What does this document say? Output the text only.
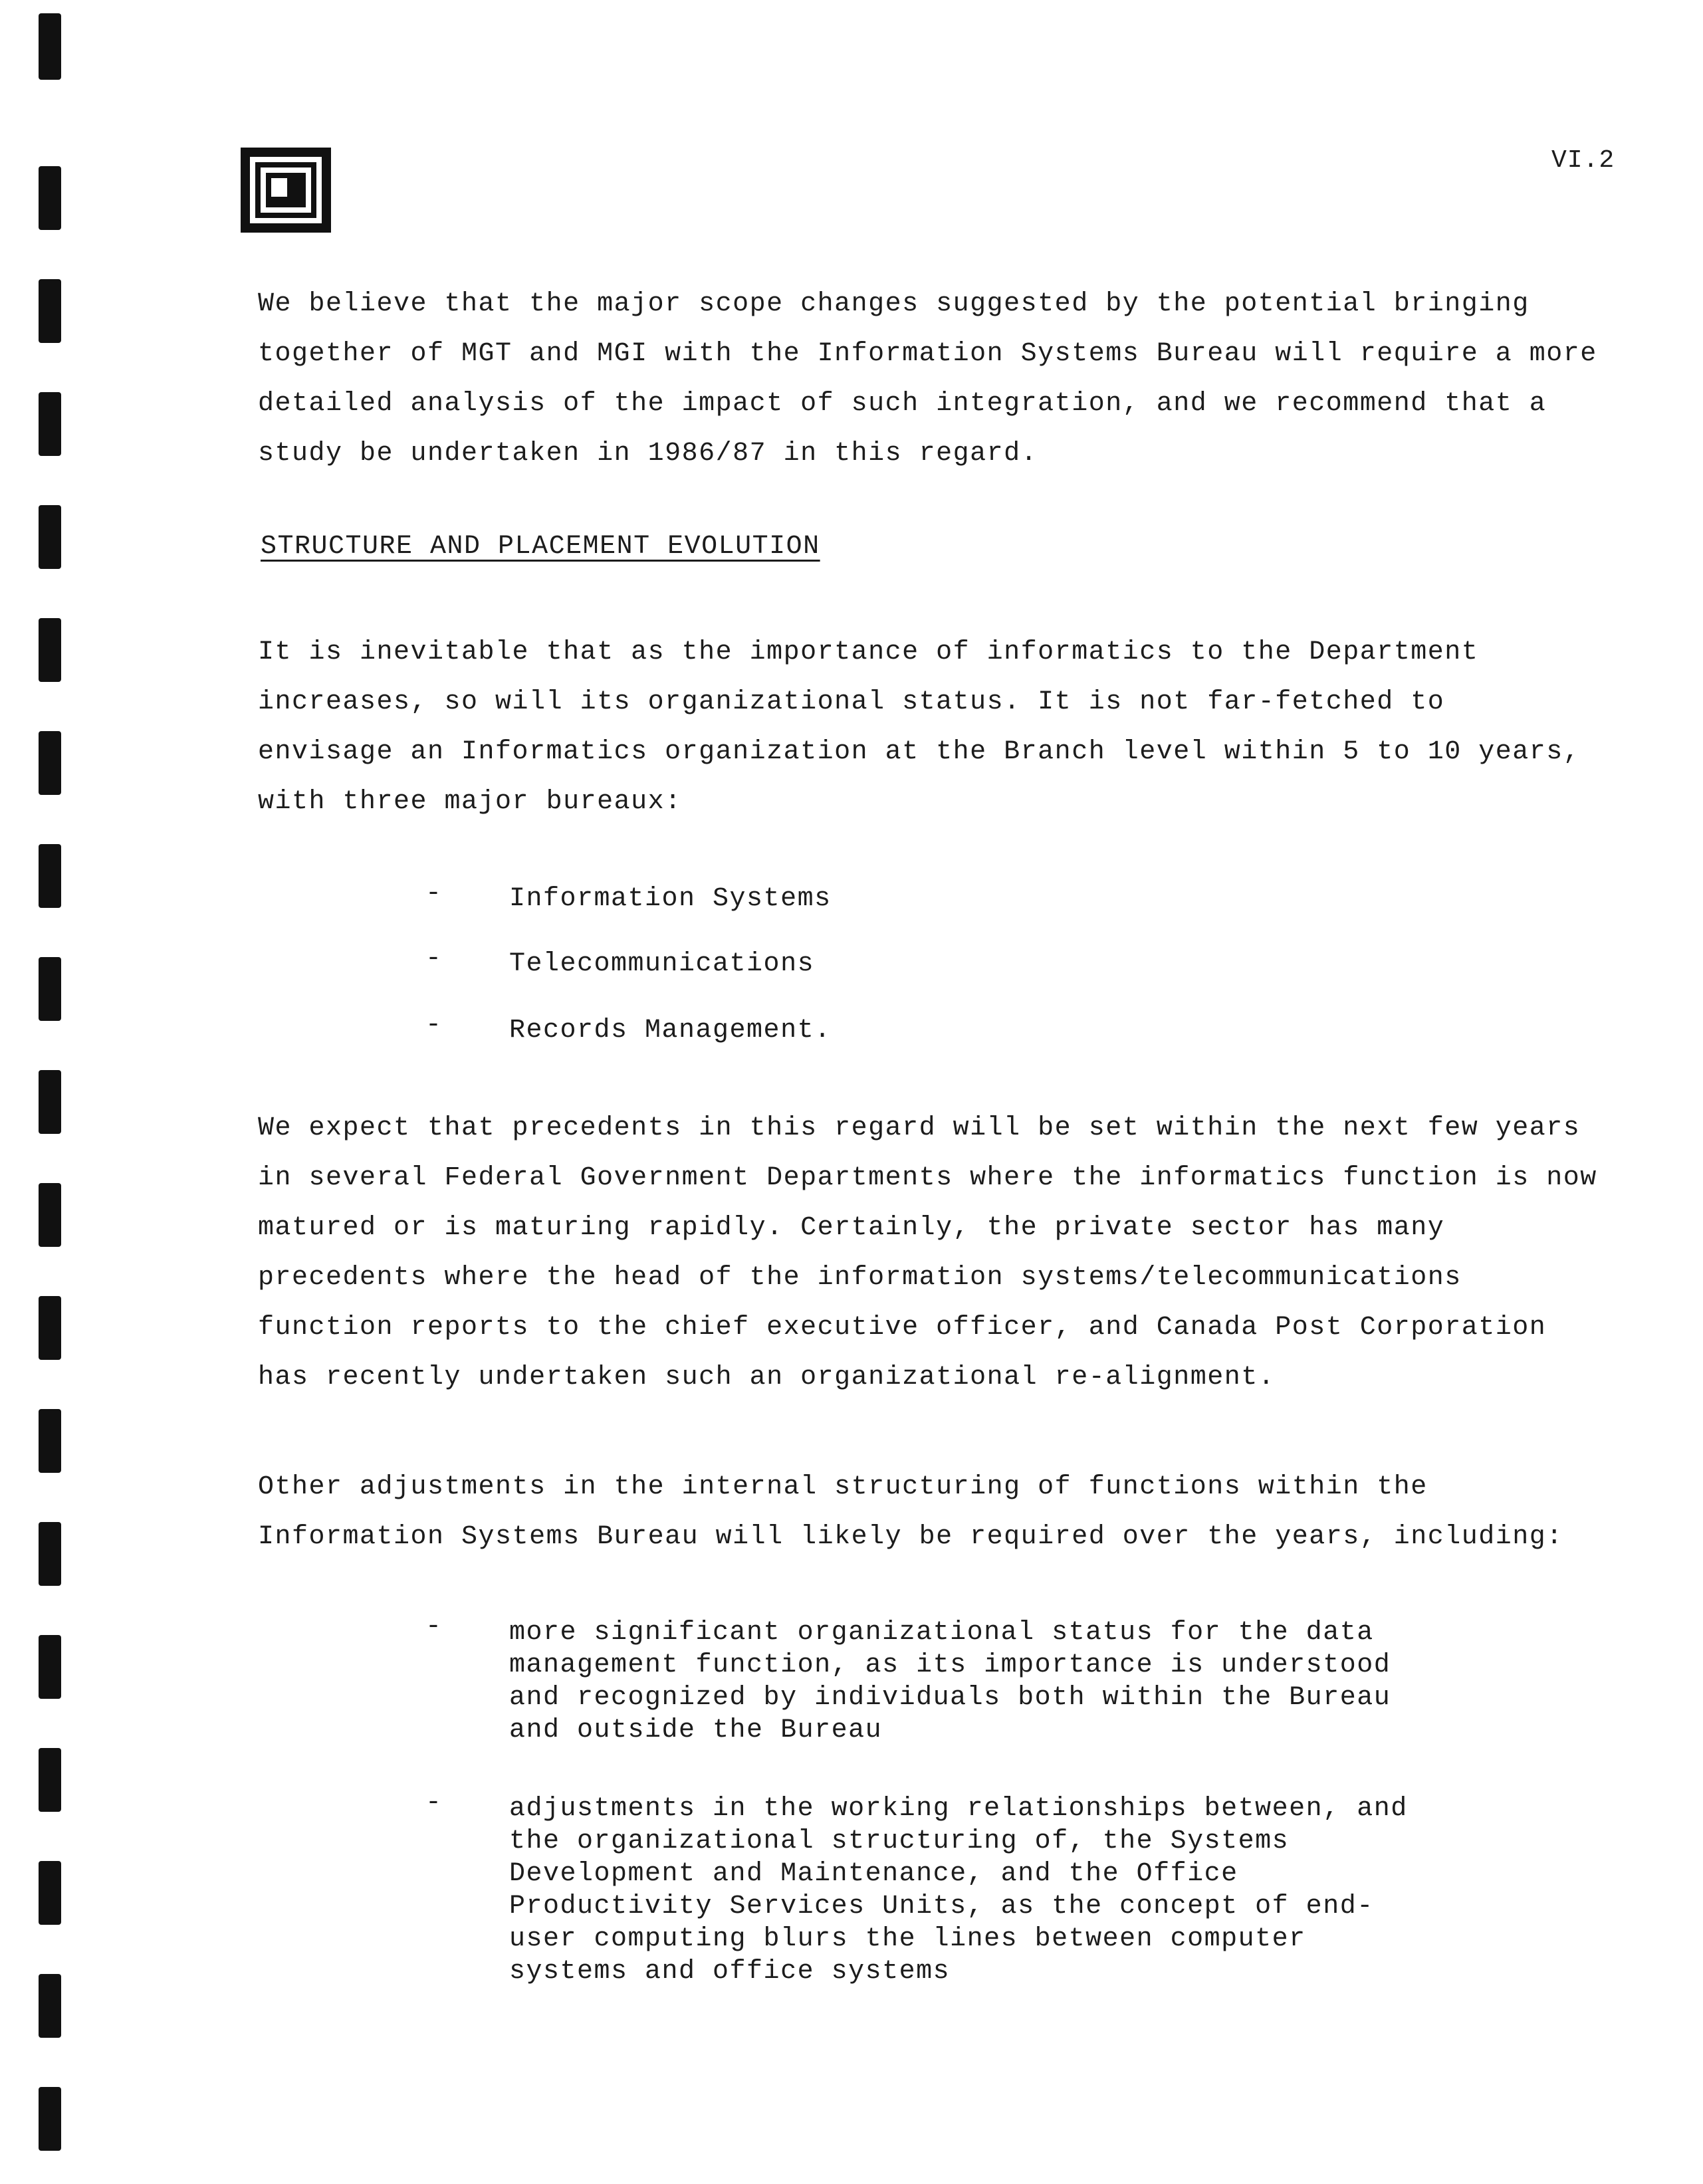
VI.2
We believe that the major scope changes suggested by the potential bringing
together of MGT and MGI with the Information Systems Bureau will require a more
detailed analysis of the impact of such integration, and we recommend that a
study be undertaken in 1986/87 in this regard.
STRUCTURE AND PLACEMENT EVOLUTION
It is inevitable that as the importance of informatics to the Department
increases, so will its organizational status. It is not far-fetched to
envisage an Informatics organization at the Branch level within 5 to 10 years,
with three major bureaux:
-	Information Systems
-	Telecommunications
-	Records Management.
We expect that precedents in this regard will be set within the next few years
in several Federal Government Departments where the informatics function is now
matured or is maturing rapidly. Certainly, the private sector has many
precedents where the head of the information systems/telecommunications
function reports to the chief executive officer, and Canada Post Corporation
has recently undertaken such an organizational re-alignment.
Other adjustments in the internal structuring of functions within the
Information Systems Bureau will likely be required over the years, including:
-	more significant organizational status for the data
management function, as its importance is understood
and recognized by individuals both within the Bureau
and outside the Bureau
-	adjustments in the working relationships between, and
the organizational structuring of, the Systems
Development and Maintenance, and the Office
Productivity Services Units, as the concept of end-
user computing blurs the lines between computer
systems and office systems
